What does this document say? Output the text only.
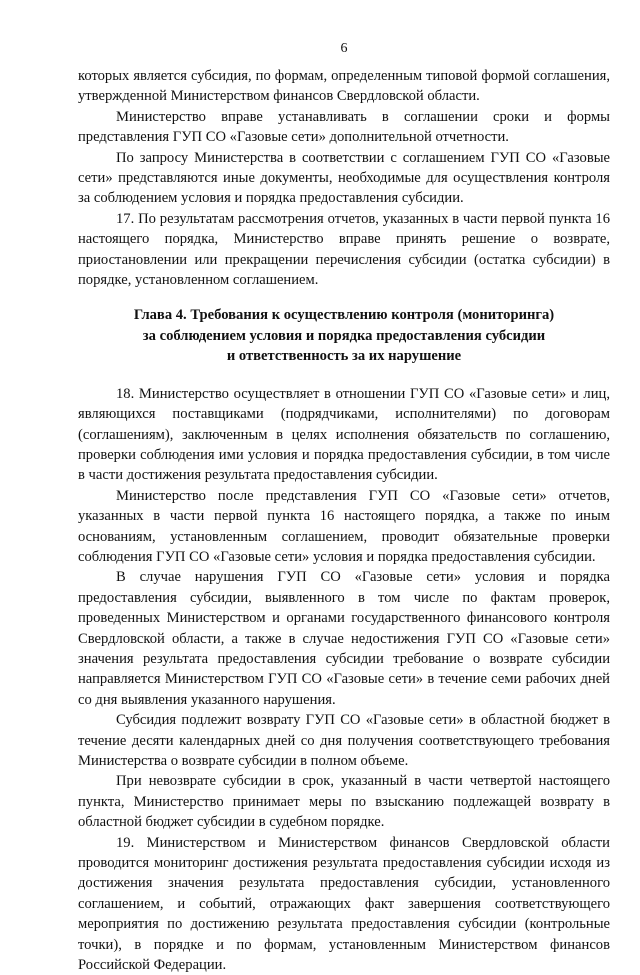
6

которых является субсидия, по формам, определенным типовой формой соглашения, утвержденной Министерством финансов Свердловской области.

Министерство вправе устанавливать в соглашении сроки и формы представления ГУП СО «Газовые сети» дополнительной отчетности.

По запросу Министерства в соответствии с соглашением ГУП СО «Газовые сети» представляются иные документы, необходимые для осуществления контроля за соблюдением условия и порядка предоставления субсидии.

17. По результатам рассмотрения отчетов, указанных в части первой пункта 16 настоящего порядка, Министерство вправе принять решение о возврате, приостановлении или прекращении перечисления субсидии (остатка субсидии) в порядке, установленном соглашением.

Глава 4. Требования к осуществлению контроля (мониторинга)
за соблюдением условия и порядка предоставления субсидии
и ответственность за их нарушение

18. Министерство осуществляет в отношении ГУП СО «Газовые сети» и лиц, являющихся поставщиками (подрядчиками, исполнителями) по договорам (соглашениям), заключенным в целях исполнения обязательств по соглашению, проверки соблюдения ими условия и порядка предоставления субсидии, в том числе в части достижения результата предоставления субсидии.

Министерство после представления ГУП СО «Газовые сети» отчетов, указанных в части первой пункта 16 настоящего порядка, а также по иным основаниям, установленным соглашением, проводит обязательные проверки соблюдения ГУП СО «Газовые сети» условия и порядка предоставления субсидии.

В случае нарушения ГУП СО «Газовые сети» условия и порядка предоставления субсидии, выявленного в том числе по фактам проверок, проведенных Министерством и органами государственного финансового контроля Свердловской области, а также в случае недостижения ГУП СО «Газовые сети» значения результата предоставления субсидии требование о возврате субсидии направляется Министерством ГУП СО «Газовые сети» в течение семи рабочих дней со дня выявления указанного нарушения.

Субсидия подлежит возврату ГУП СО «Газовые сети» в областной бюджет в течение десяти календарных дней со дня получения соответствующего требования Министерства о возврате субсидии в полном объеме.

При невозврате субсидии в срок, указанный в части четвертой настоящего пункта, Министерство принимает меры по взысканию подлежащей возврату в областной бюджет субсидии в судебном порядке.

19. Министерством и Министерством финансов Свердловской области проводится мониторинг достижения результата предоставления субсидии исходя из достижения значения результата предоставления субсидии, установленного соглашением, и событий, отражающих факт завершения соответствующего мероприятия по достижению результата предоставления субсидии (контрольные точки), в порядке и по формам, установленным Министерством финансов Российской Федерации.
